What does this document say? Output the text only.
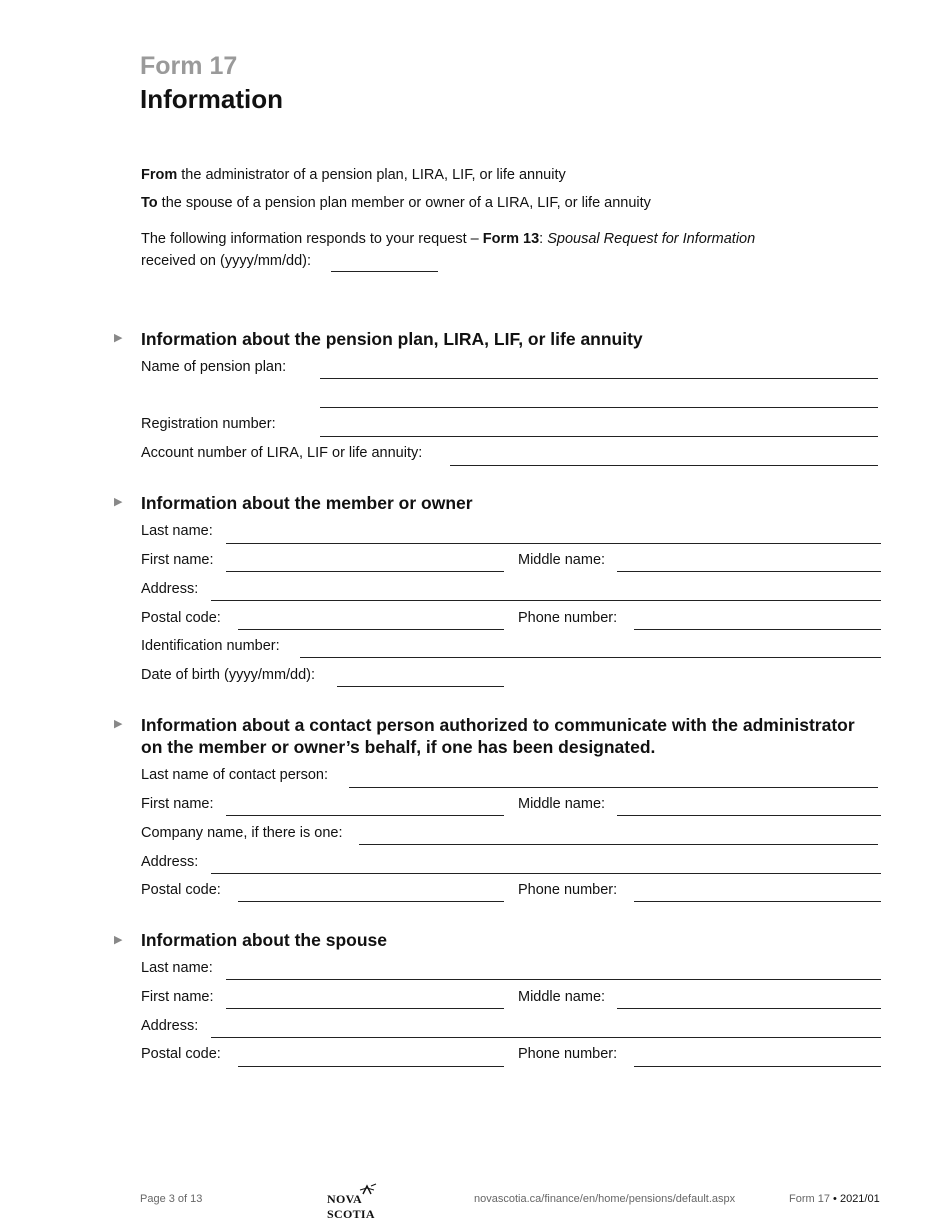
Form 17
Information
From the administrator of a pension plan, LIRA, LIF, or life annuity
To the spouse of a pension plan member or owner of a LIRA, LIF, or life annuity
The following information responds to your request – Form 13: Spousal Request for Information
received on (yyyy/mm/dd):
▶ Information about the pension plan, LIRA, LIF, or life annuity
Name of pension plan:
Registration number:
Account number of LIRA, LIF or life annuity:
▶ Information about the member or owner
Last name:
First name:	Middle name:
Address:
Postal code:	Phone number:
Identification number:
Date of birth (yyyy/mm/dd):
▶ Information about a contact person authorized to communicate with the administrator
on the member or owner’s behalf, if one has been designated.
Last name of contact person:
First name:	Middle name:
Company name, if there is one:
Address:
Postal code:	Phone number:
▶ Information about the spouse
Last name:
First name:	Middle name:
Address:
Postal code:	Phone number:
Page 3 of 13	NOVA SCOTIA
novascotia.ca/finance/en/home/pensions/default.aspx	Form 17 • 2021/01
